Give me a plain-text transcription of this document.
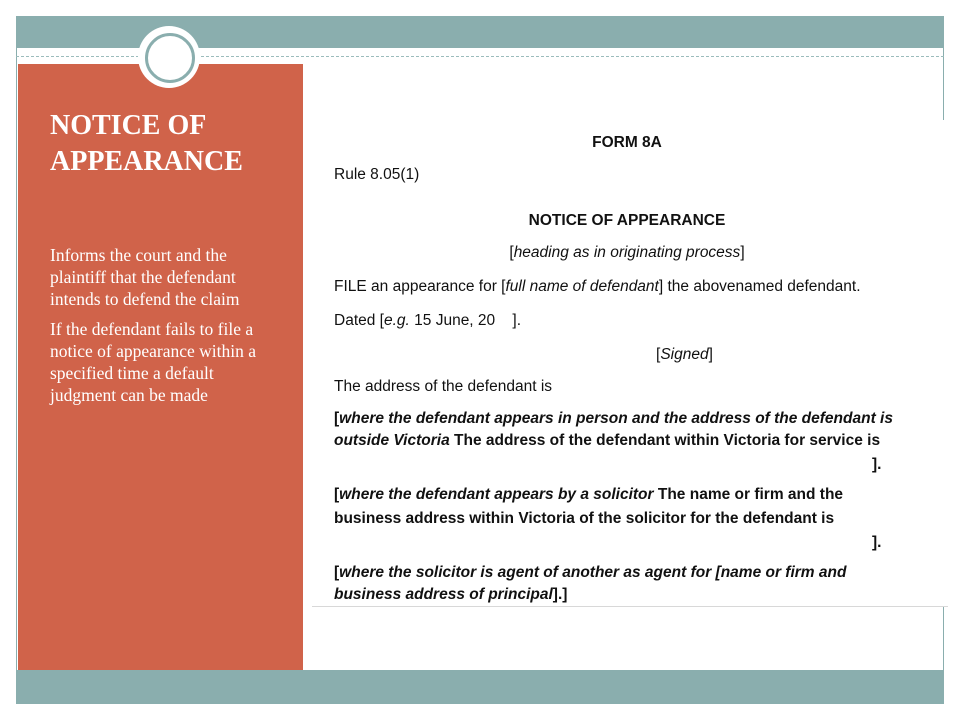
NOTICE OF
APPEARANCE

Informs the court and the plaintiff that the defendant intends to defend the claim

If the defendant fails to file a notice of appearance within a specified time a default judgment can be made

FORM 8A
Rule 8.05(1)
NOTICE OF APPEARANCE
[heading as in originating process]
FILE an appearance for [full name of defendant] the abovenamed defendant.
Dated [e.g. 15 June, 20    ].
[Signed]
The address of the defendant is
[where the defendant appears in person and the address of the defendant is
outside Victoria The address of the defendant within Victoria for service is
].
[where the defendant appears by a solicitor The name or firm and the
business address within Victoria of the solicitor for the defendant is
].
[where the solicitor is agent of another as agent for [name or firm and
business address of principal].]
